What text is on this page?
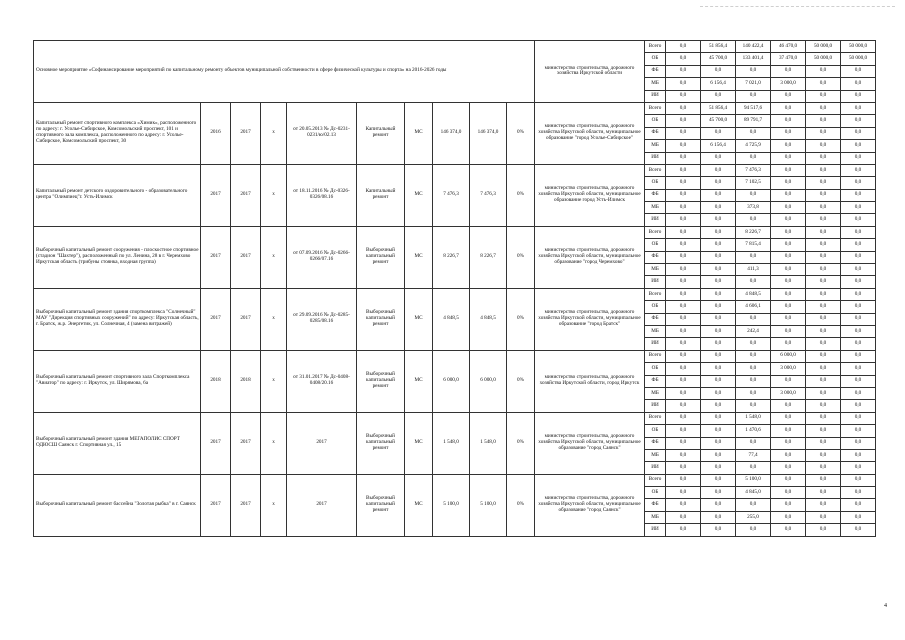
Основное мероприятие «Софинансирование мероприятий по капитальному ремонту объектов муниципальной собственности в сфере физической культуры и спорта» на 2016-2026 годы										министерство строительства, дорожного хозяйства Иркутской области	Всего	0,0	51 856,4	140 422,4	46 470,0	50 000,0	50 000,0
											ОБ	0,0	45 700,0	133 401,4	37 470,0	50 000,0	50 000,0
											ФБ	0,0	0,0	0,0	0,0	0,0	0,0
											МБ	0,0	6 156,4	7 021,0	3 000,0	0,0	0,0
											ИИ	0,0	0,0	0,0	0,0	0,0	0,0
Капитальный ремонт спортивного комплекса «Химик», расположенного по адресу: г. Усолье-Сибирское, Комсомольский проспект, 101 и спортивного зала комплекса, расположенного по адресу: г. Усолье-Сибирское, Комсомольский проспект, 30	2016	2017	х	от 20.05.2013 № Дс-0231-0231/ю/02.13	Капитальный ремонт	МС	146 374,0	146 374,0	0%	министерство строительства, дорожного хозяйства Иркутской области, муниципальное образование "город Усолье-Сибирское"	Всего	0,0	51 856,4	94 517,6	0,0	0,0	0,0
											ОБ	0,0	45 700,0	89 791,7	0,0	0,0	0,0
											ФБ	0,0	0,0	0,0	0,0	0,0	0,0
											МБ	0,0	6 156,4	4 725,9	0,0	0,0	0,0
											ИИ	0,0	0,0	0,0	0,0	0,0	0,0
Капитальный ремонт детского оздоровительного - образовательного центра "Олимпиец"г. Усть-Илимск	2017	2017	х	от 18.11.2016 № Дс-0326-0326/08.16	Капитальный ремонт	МС	7 476,3	7 476,3	0%	министерство строительства, дорожного хозяйства Иркутской области, муниципальное образование город Усть-Илимск	Всего	0,0	0,0	7 476,3	0,0	0,0	0,0
											ОБ	0,0	0,0	7 102,5	0,0	0,0	0,0
											ФБ	0,0	0,0	0,0	0,0	0,0	0,0
											МБ	0,0	0,0	373,8	0,0	0,0	0,0
											ИИ	0,0	0,0	0,0	0,0	0,0	0,0
Выборочный капитальный ремонт сооружения - плоскостное спортивное (стадион "Шахтер"), расположенный по ул. Ленина, 28 в г. Черемхово Иркутская область (трибуны стоянка, входная группа)	2017	2017	х	от 07.09.2016 № Дс-0266-0266/07.16	Выборочный капитальный ремонт	МС	8 226,7	8 226,7	0%	министерство строительства, дорожного хозяйства Иркутской области, муниципальное образование "город Черемхово"	Всего	0,0	0,0	8 226,7	0,0	0,0	0,0
											ОБ	0,0	0,0	7 815,4	0,0	0,0	0,0
											ФБ	0,0	0,0	0,0	0,0	0,0	0,0
											МБ	0,0	0,0	411,3	0,0	0,0	0,0
											ИИ	0,0	0,0	0,0	0,0	0,0	0,0
Выборочный капитальный ремонт здания спорткомплекса "Солнечный" МАУ "Дирекция спортивных сооружений" по адресу: Иркутская область, г. Братск, ж.р. Энергетик, ул. Солнечная, 4 (замена витражей)	2017	2017	х	от 29.09.2016 № Дс-0285-0285/08.16	Выборочный капитальный ремонт	МС	4 848,5	4 848,5	0%	министерство строительства, дорожного хозяйства Иркутской области, муниципальное образование "город Братск"	Всего	0,0	0,0	4 848,5	0,0	0,0	0,0
											ОБ	0,0	0,0	4 606,1	0,0	0,0	0,0
											ФБ	0,0	0,0	0,0	0,0	0,0	0,0
											МБ	0,0	0,0	242,4	0,0	0,0	0,0
											ИИ	0,0	0,0	0,0	0,0	0,0	0,0
Выборочный капитальный ремонт спортивного зала Спорткомплекса "Авиатор" по адресу: г. Иркутск, ул. Ширямова, 6а	2018	2018	х	от 31.01.2017 № Дс-0408-0408/20.16	Выборочный капитальный ремонт	МС	6 000,0	6 000,0	0%	министерство строительства, дорожного хозяйства Иркутской области, город Иркутск	Всего	0,0	0,0	0,0	6 000,0	0,0	0,0
											ОБ	0,0	0,0	0,0	3 000,0	0,0	0,0
											ФБ	0,0	0,0	0,0	0,0	0,0	0,0
											МБ	0,0	0,0	0,0	3 000,0	0,0	0,0
											ИИ	0,0	0,0	0,0	0,0	0,0	0,0
Выборочный капитальный ремонт здания МЕГАПОЛИС СПОРТ ОДЮСШ Саянск г. Спортивная ул., 15	2017	2017	х	2017	Выборочный капитальный ремонт	МС	1 548,0	1 548,0	0%	министерство строительства, дорожного хозяйства Иркутской области, муниципальное образование "город Саянск"	Всего	0,0	0,0	1 548,0	0,0	0,0	0,0
											ОБ	0,0	0,0	1 470,6	0,0	0,0	0,0
											ФБ	0,0	0,0	0,0	0,0	0,0	0,0
											МБ	0,0	0,0	77,4	0,0	0,0	0,0
											ИИ	0,0	0,0	0,0	0,0	0,0	0,0
Выборочный капитальный ремонт бассейна "Золотая рыбка" в г. Саянск	2017	2017	х	2017	Выборочный капитальный ремонт	МС	5 100,0	5 100,0	0%	министерство строительства, дорожного хозяйства Иркутской области, муниципальное образование "город Саянск"	Всего	0,0	0,0	5 100,0	0,0	0,0	0,0
											ОБ	0,0	0,0	4 845,0	0,0	0,0	0,0
											ФБ	0,0	0,0	0,0	0,0	0,0	0,0
											МБ	0,0	0,0	255,0	0,0	0,0	0,0
											ИИ	0,0	0,0	0,0	0,0	0,0	0,0
4
